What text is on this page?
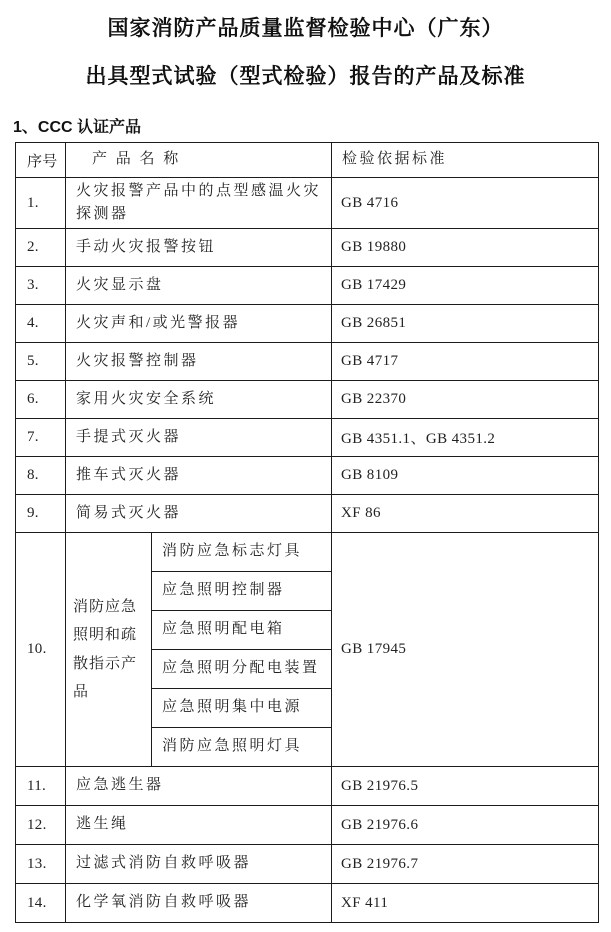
国家消防产品质量监督检验中心（广东）
出具型式试验（型式检验）报告的产品及标准
1、CCC 认证产品
序号	产 品 名 称		检验依据标准
1.	火灾报警产品中的点型感温火灾探测器		GB 4716
2.	手动火灾报警按钮		GB 19880
3.	火灾显示盘		GB 17429
4.	火灾声和/或光警报器		GB 26851
5.	火灾报警控制器		GB 4717
6.	家用火灾安全系统		GB 22370
7.	手提式灭火器		GB 4351.1、GB 4351.2
8.	推车式灭火器		GB 8109
9.	简易式灭火器		XF 86
10.	消防应急照明和疏散指示产品	消防应急标志灯具	GB 17945
		应急照明控制器	
		应急照明配电箱	
		应急照明分配电装置	
		应急照明集中电源	
		消防应急照明灯具	
11.	应急逃生器		GB 21976.5
12.	逃生绳		GB 21976.6
13.	过滤式消防自救呼吸器		GB 21976.7
14.	化学氧消防自救呼吸器		XF 411
